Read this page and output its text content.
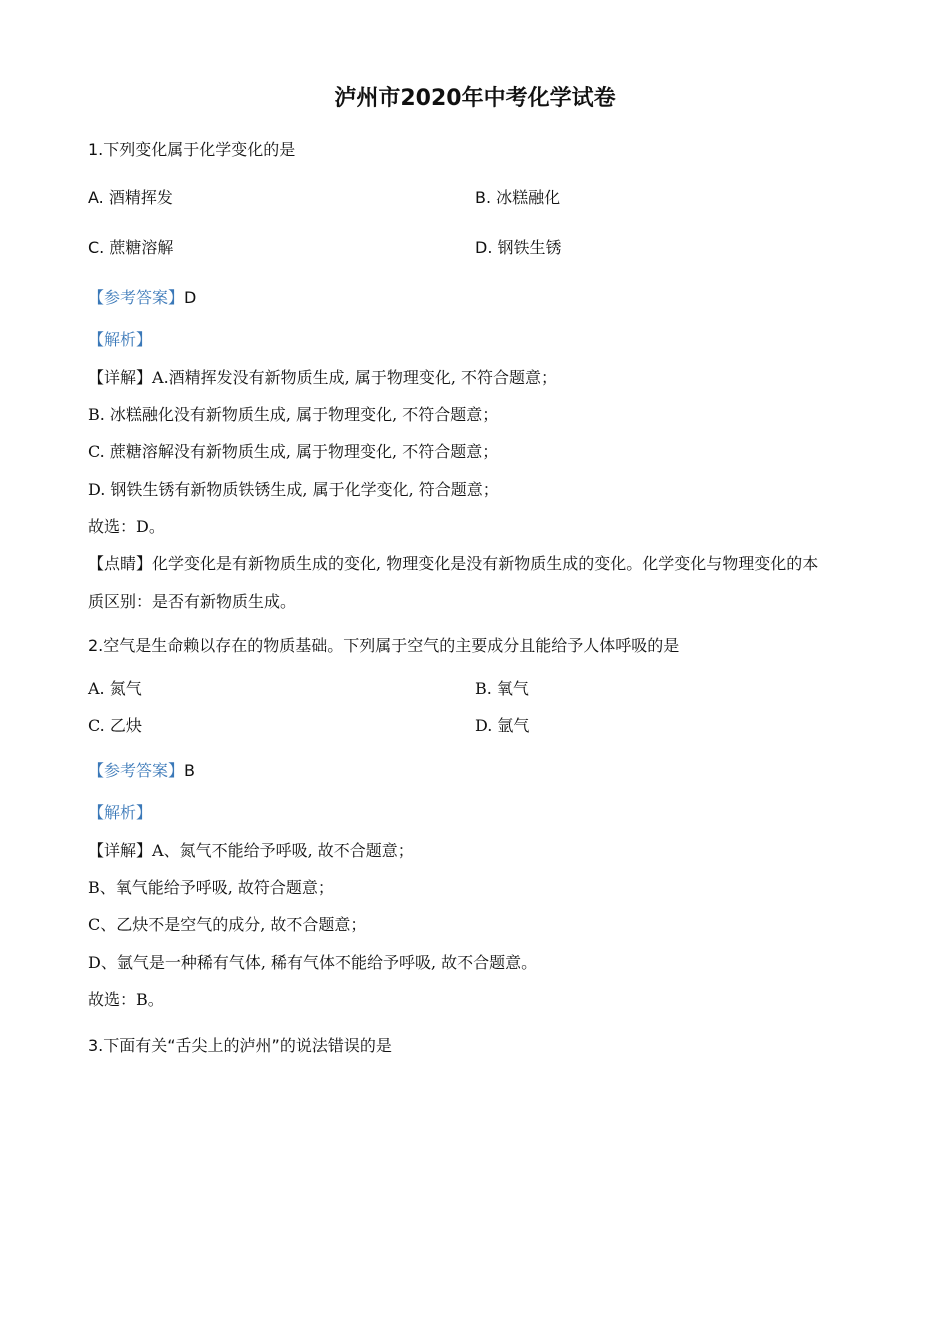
泸州市2020年中考化学试卷
1.下列变化属于化学变化的是
A. 酒精挥发	B. 冰糕融化
C. 蔗糖溶解	D. 钢铁生锈
【参考答案】D
【解析】
【详解】A.酒精挥发没有新物质生成, 属于物理变化, 不符合题意；
B. 冰糕融化没有新物质生成, 属于物理变化, 不符合题意；
C. 蔗糖溶解没有新物质生成, 属于物理变化, 不符合题意；
D. 钢铁生锈有新物质铁锈生成, 属于化学变化, 符合题意；
故选：D。
【点睛】化学变化是有新物质生成的变化, 物理变化是没有新物质生成的变化。化学变化与物理变化的本
质区别：是否有新物质生成。
2.空气是生命赖以存在的物质基础。下列属于空气的主要成分且能给予人体呼吸的是
A. 氮气	B. 氧气
C. 乙炔	D. 氩气
【参考答案】B
【解析】
【详解】A、氮气不能给予呼吸, 故不合题意；
B、氧气能给予呼吸, 故符合题意；
C、乙炔不是空气的成分, 故不合题意；
D、氩气是一种稀有气体, 稀有气体不能给予呼吸, 故不合题意。
故选：B。
3.下面有关“舌尖上的泸州”的说法错误的是
